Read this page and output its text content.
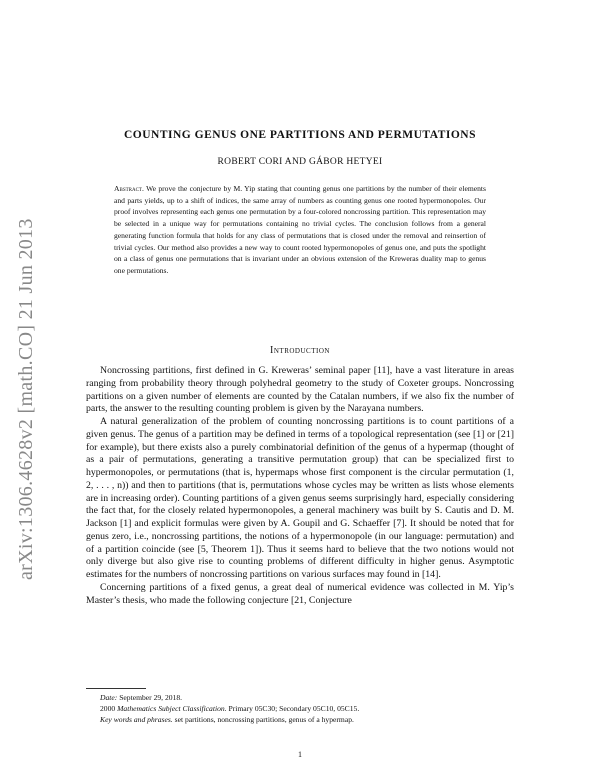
arXiv:1306.4628v2 [math.CO] 21 Jun 2013
COUNTING GENUS ONE PARTITIONS AND PERMUTATIONS
ROBERT CORI AND GÁBOR HETYEI
Abstract. We prove the conjecture by M. Yip stating that counting genus one partitions by the number of their elements and parts yields, up to a shift of indices, the same array of numbers as counting genus one rooted hypermonopoles. Our proof involves representing each genus one permutation by a four-colored noncrossing partition. This representation may be selected in a unique way for permutations containing no trivial cycles. The conclusion follows from a general generating function formula that holds for any class of permutations that is closed under the removal and reinsertion of trivial cycles. Our method also provides a new way to count rooted hypermonopoles of genus one, and puts the spotlight on a class of genus one permutations that is invariant under an obvious extension of the Kreweras duality map to genus one permutations.
Introduction

Noncrossing partitions, first defined in G. Kreweras’ seminal paper [11], have a vast literature in areas ranging from probability theory through polyhedral geometry to the study of Coxeter groups. Noncrossing partitions on a given number of elements are counted by the Catalan numbers, if we also fix the number of parts, the answer to the resulting counting problem is given by the Narayana numbers.

A natural generalization of the problem of counting noncrossing partitions is to count partitions of a given genus. The genus of a partition may be defined in terms of a topological representation (see [1] or [21] for example), but there exists also a purely combinatorial definition of the genus of a hypermap (thought of as a pair of permutations, generating a transitive permutation group) that can be specialized first to hypermonopoles, or permutations (that is, hypermaps whose first component is the circular permutation (1, 2, . . . , n)) and then to partitions (that is, permutations whose cycles may be written as lists whose elements are in increasing order). Counting partitions of a given genus seems surprisingly hard, especially considering the fact that, for the closely related hypermonopoles, a general machinery was built by S. Cautis and D. M. Jackson [1] and explicit formulas were given by A. Goupil and G. Schaeffer [7]. It should be noted that for genus zero, i.e., noncrossing partitions, the notions of a hypermonopole (in our language: permutation) and of a partition coincide (see [5, Theorem 1]). Thus it seems hard to believe that the two notions would not only diverge but also give rise to counting problems of different difficulty in higher genus. Asymptotic estimates for the numbers of noncrossing partitions on various surfaces may found in [14].

Concerning partitions of a fixed genus, a great deal of numerical evidence was collected in M. Yip’s Master’s thesis, who made the following conjecture [21, Conjecture

Date: September 29, 2018.
2000 Mathematics Subject Classification. Primary 05C30; Secondary 05C10, 05C15.
Key words and phrases. set partitions, noncrossing partitions, genus of a hypermap.
1
